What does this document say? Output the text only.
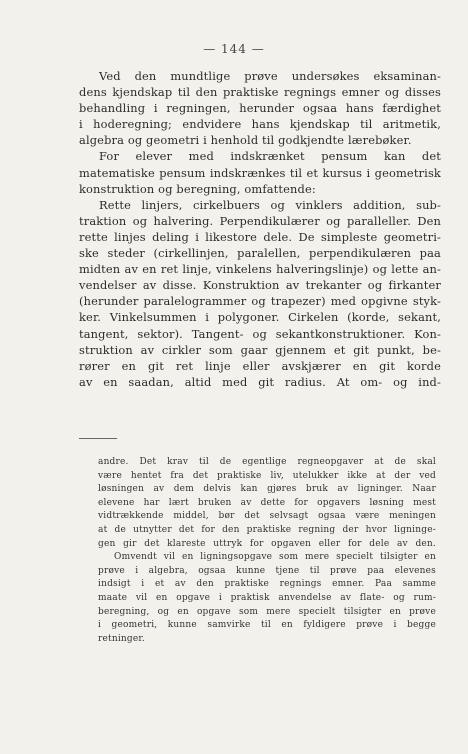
— 144 —
Ved den mundtlige prøve undersøkes eksaminan-
dens kjendskap til den praktiske regnings emner og disses
behandling i regningen, herunder ogsaa hans færdighet
i hoderegning; endvidere hans kjendskap til aritmetik,
algebra og geometri i henhold til godkjendte lærebøker.
For elever med indskrænket pensum kan det
matematiske pensum indskrænkes til et kursus i geometrisk
konstruktion og beregning, omfattende:
Rette linjers, cirkelbuers og vinklers addition, sub-
traktion og halvering. Perpendikulærer og paralleller. Den
rette linjes deling i likestore dele. De simpleste geometri-
ske steder (cirkellinjen, paralellen, perpendikulæren paa
midten av en ret linje, vinkelens halveringslinje) og lette an-
vendelser av disse. Konstruktion av trekanter og firkanter
(herunder paralelogrammer og trapezer) med opgivne styk-
ker. Vinkelsummen i polygoner. Cirkelen (korde, sekant,
tangent, sektor). Tangent- og sekantkonstruktioner. Kon-
struktion av cirkler som gaar gjennem et git punkt, be-
rører en git ret linje eller avskjærer en git korde
av en saadan, altid med git radius. At om- og ind-
andre. Det krav til de egentlige regneopgaver at de skal
være hentet fra det praktiske liv, utelukker ikke at der ved
løsningen av dem delvis kan gjøres bruk av ligninger. Naar
elevene har lært bruken av dette for opgavers løsning mest
vidtrækkende middel, bør det selvsagt ogsaa være meningen
at de utnytter det for den praktiske regning der hvor ligninge-
gen gir det klareste uttryk for opgaven eller for dele av den.
Omvendt vil en ligningsopgave som mere specielt tilsigter en
prøve i algebra, ogsaa kunne tjene til prøve paa elevenes
indsigt i et av den praktiske regnings emner. Paa samme
maate vil en opgave i praktisk anvendelse av flate- og rum-
beregning, og en opgave som mere specielt tilsigter en prøve
i geometri, kunne samvirke til en fyldigere prøve i begge
retninger.
